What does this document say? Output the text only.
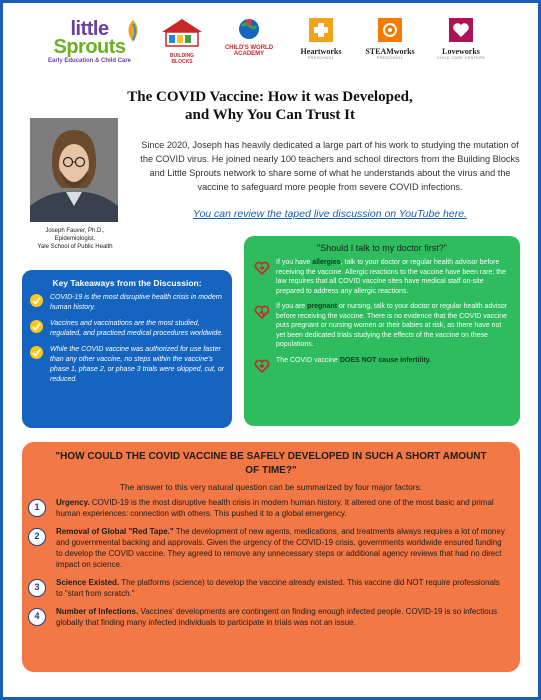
little
Sprouts
Early Education & Child Care
BUILDING BLOCKS
CHILD'S WORLD ACADEMY	Heartworks
PRESCHOOL
STEAMworks
PRESCHOOL
Loveworks
CHILD CARE CENTERS
The COVID Vaccine: How it was Developed,
and Why You Can Trust It
Joseph Fauver, Ph.D.,
Epidemiologist,
Yale School of Public Health
Since 2020, Joseph has heavily dedicated a large part of his work to studying the mutation of the COVID virus. He joined nearly 100 teachers and school directors from the Building Blocks and Little Sprouts network to share some of what he understands about the virus and the vaccine to safeguard more people from severe COVID infections.
You can review the taped live discussion on YouTube here.
"Should I talk to my doctor first?"
If you have allergies, talk to your doctor or regular health advisor before receiving the vaccine. Allergic reactions to the vaccine have been rare; the law requires that all COVID vaccine sites have medical staff on-site prepared to address any allergic reactions.
If you are pregnant or nursing, talk to your doctor or regular health advisor before receiving the vaccine. There is no evidence that the COVID vaccine puts pregnant or nursing women or their babies at risk, as there have not yet been dedicated trials studying the effects of the vaccine on these populations.
The COVID vaccine DOES NOT cause infertility.
Key Takeaways from the Discussion:
COVID-19 is the most disruptive health crisis in modern human history.
Vaccines and vaccinations are the most studied, regulated, and practiced medical procedures worldwide.
While the COVID vaccine was authorized for use faster than any other vaccine, no steps within the vaccine's phase 1, phase 2, or phase 3 trials were skipped, cut, or reduced.
"HOW COULD THE COVID VACCINE BE SAFELY DEVELOPED IN SUCH A SHORT AMOUNT OF TIME?"
The answer to this very natural question can be summarized by four major factors:
1	Urgency. COVID-19 is the most disruptive health crisis in modern human history. It altered one of the most basic and primal human experiences: connection with others. This pushed it to a global emergency.
2	Removal of Global "Red Tape." The development of new agents, medications, and treatments always requires a lot of money and governmental backing and approvals. Given the urgency of the COVID-19 crisis, governments worldwide ensured funding to develop the COVID vaccine. They agreed to remove any unnecessary steps or additional agency reviews that had no direct impact on science.
3	Science Existed. The platforms (science) to develop the vaccine already existed. This vaccine did NOT require professionals to "start from scratch."
4	Number of Infections. Vaccines' developments are contingent on finding enough infected people. COVID-19 is so infectious globally that finding many infected individuals to participate in trials was not an issue.
